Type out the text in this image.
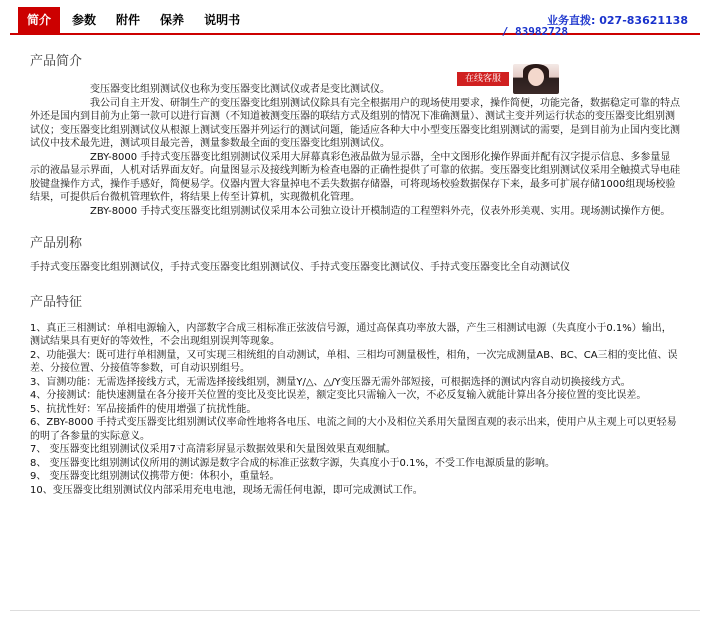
简介	参数	附件	保养	说明书	业务直拨: 027-83621138
/ 83982728
在线客服
产品简介

变压器变比组别测试仪也称为变压器变比测试仪或者是变比测试仪。

我公司自主开发、研制生产的变压器变比组别测试仪除具有完全根据用户的现场使用要求，操作简便，功能完备，数据稳定可靠的特点外还是国内到目前为止第一款可以进行盲测（不知道被测变压器的联结方式及组别的情况下准确测量）、测试主变并列运行状态的变压器变比组别测试仪；变压器变比组别测试仪从根源上测试变压器并列运行的测试问题，能适应各种大中小型变压器变比组别测试的需要，是到目前为止国内变比测试仪中技术最先进，测试项目最完善，测量参数最全面的变压器变比组别测试仪。

ZBY-8000 手持式变压器变比组别测试仪采用大屏幕真彩色液晶做为显示器，全中文图形化操作界面并配有汉字提示信息、多参量显示的液晶显示界面，人机对话界面友好。向量图显示及接线判断为检查电器的正确性提供了可靠的依据。变压器变比组别测试仪采用全触摸式导电硅胶键盘操作方式，操作手感好，简便易学。仪器内置大容量掉电不丢失数据存储器，可将现场校验数据保存下来，最多可扩展存储1000组现场校验结果，可提供后台微机管理软件，将结果上传至计算机，实现微机化管理。

ZBY-8000 手持式变压器变比组别测试仪采用本公司独立设计开模制造的工程塑料外壳，仪表外形美观、实用。现场测试操作方便。

产品别称

手持式变压器变比组别测试仪，手持式变压器变比组别测试仪、手持式变压器变比测试仪、手持式变压器变比全自动测试仪

产品特征

1、真正三相测试：单相电源输入，内部数字合成三相标准正弦波信号源，通过高保真功率放大器，产生三相测试电源（失真度小于0.1%）输出，测试结果具有更好的等效性，不会出现组别误判等现象。

2、功能强大：既可进行单相测量，又可实现三相统组的自动测试，单相、三相均可测量极性，相角，一次完成测量AB、BC、CA三相的变比值、误差、分接位置、分接值等参数，可自动识别组号。

3、盲测功能：无需选择接线方式，无需选择接线组别，测量Y/△、△/Y变压器无需外部短接，可根据选择的测试内容自动切换接线方式。

4、分接测试：能快速测量在各分接开关位置的变比及变比误差，额定变比只需输入一次，不必反复输入就能计算出各分接位置的变比误差。

5、抗扰性好：军品接插件的使用增强了抗扰性能。

6、ZBY-8000 手持式变压器变比组别测试仪率命性地将各电压、电流之间的大小及相位关系用矢量图直观的表示出来，使用户从主观上可以更轻易的明了各参量的实际意义。

7、 变压器变比组别测试仪采用7寸高清彩屏显示数据效果和矢量图效果直观细腻。

8、 变压器变比组别测试仪所用的测试源是数字合成的标准正弦数字源，失真度小于0.1%，不受工作电源质量的影响。

9、 变压器变比组别测试仪携带方便：体积小，重量轻。

10、变压器变比组别测试仪内部采用充电电池，现场无需任何电源，即可完成测试工作。
